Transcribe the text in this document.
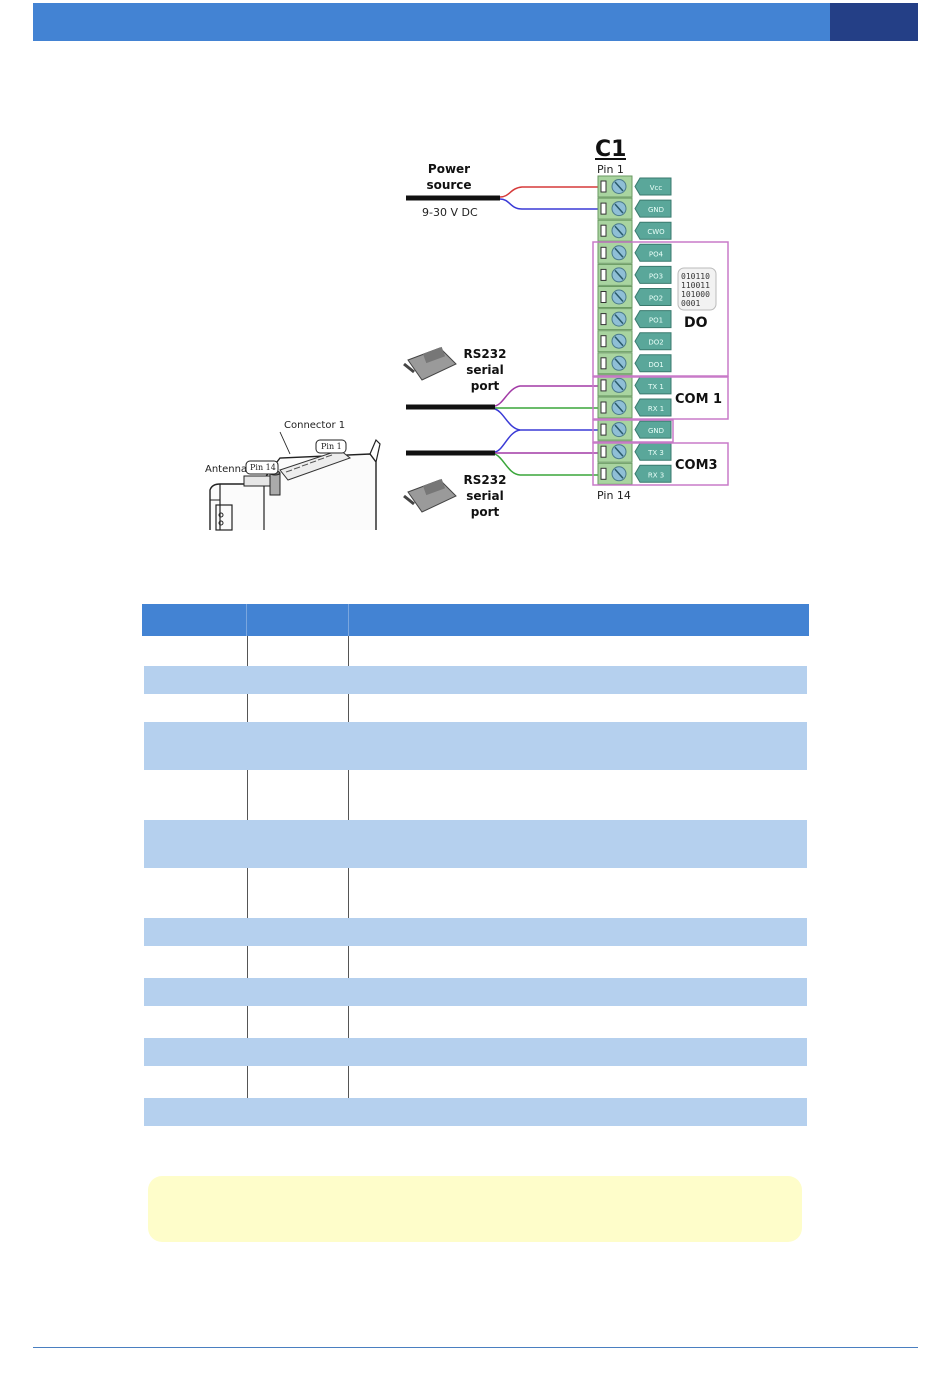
C1
Pin 1
Pin 14
Power
source
9-30 V DC
RS232
serial
port
RS232
serial
port
Vcc
GND
CWO
PO4
PO3
PO2
PO1
DO2
DO1
TX 1
RX 1
GND
TX 3
RX 3
010110
110011
101000
0001
DO
COM 1
COM3
Connector 1
Pin 14
Pin 1
Antenna
